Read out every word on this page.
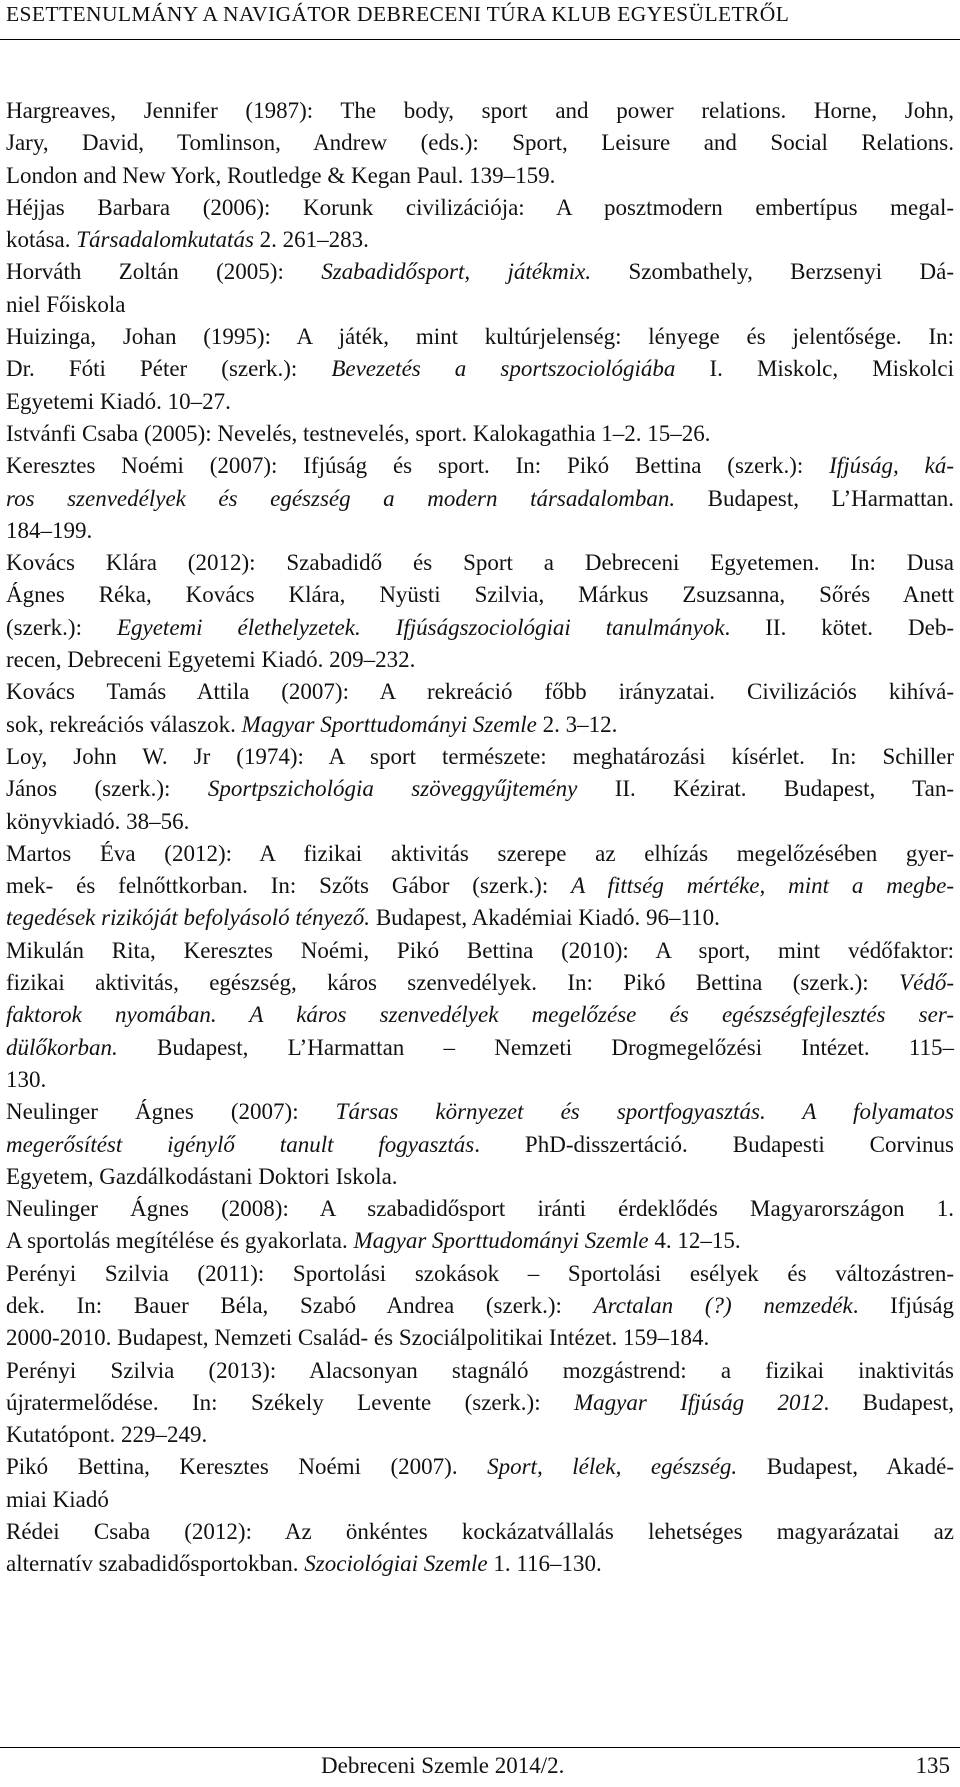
ESETTENULMÁNY A NAVIGÁTOR DEBRECENI TÚRA KLUB EGYESÜLETRŐL
Hargreaves, Jennifer (1987): The body, sport and power relations. Horne, John,
Jary, David, Tomlinson, Andrew (eds.): Sport, Leisure and Social Relations.
London and New York, Routledge & Kegan Paul. 139–159.
Héjjas Barbara (2006): Korunk civilizációja: A posztmodern embertípus megal-
kotása. Társadalomkutatás 2. 261–283.
Horváth Zoltán (2005): Szabadidősport, játékmix. Szombathely, Berzsenyi Dá-
niel Főiskola
Huizinga, Johan (1995): A játék, mint kultúrjelenség: lényege és jelentősége. In:
Dr. Fóti Péter (szerk.): Bevezetés a sportszociológiába I. Miskolc, Miskolci
Egyetemi Kiadó. 10–27.
Istvánfi Csaba (2005): Nevelés, testnevelés, sport. Kalokagathia 1–2. 15–26.
Keresztes Noémi (2007): Ifjúság és sport. In: Pikó Bettina (szerk.): Ifjúság, ká-
ros szenvedélyek és egészség a modern társadalomban. Budapest, L’Harmattan.
184–199.
Kovács Klára (2012): Szabadidő és Sport a Debreceni Egyetemen. In: Dusa
Ágnes Réka, Kovács Klára, Nyüsti Szilvia, Márkus Zsuzsanna, Sőrés Anett
(szerk.): Egyetemi élethelyzetek. Ifjúságszociológiai tanulmányok. II. kötet. Deb-
recen, Debreceni Egyetemi Kiadó. 209–232.
Kovács Tamás Attila (2007): A rekreáció főbb irányzatai. Civilizációs kihívá-
sok, rekreációs válaszok. Magyar Sporttudományi Szemle 2. 3–12.
Loy, John W. Jr (1974): A sport természete: meghatározási kísérlet. In: Schiller
János (szerk.): Sportpszichológia szöveggyűjtemény II. Kézirat. Budapest, Tan-
könyvkiadó. 38–56.
Martos Éva (2012): A fizikai aktivitás szerepe az elhízás megelőzésében gyer-
mek- és felnőttkorban. In: Szőts Gábor (szerk.): A fittség mértéke, mint a megbe-
tegedések rizikóját befolyásoló tényező. Budapest, Akadémiai Kiadó. 96–110.
Mikulán Rita, Keresztes Noémi, Pikó Bettina (2010): A sport, mint védőfaktor:
fizikai aktivitás, egészség, káros szenvedélyek. In: Pikó Bettina (szerk.): Védő-
faktorok nyomában. A káros szenvedélyek megelőzése és egészségfejlesztés ser-
dülőkorban. Budapest, L’Harmattan – Nemzeti Drogmegelőzési Intézet. 115–
130.
Neulinger Ágnes (2007): Társas környezet és sportfogyasztás. A folyamatos
megerősítést igénylő tanult fogyasztás. PhD-disszertáció. Budapesti Corvinus
Egyetem, Gazdálkodástani Doktori Iskola.
Neulinger Ágnes (2008): A szabadidősport iránti érdeklődés Magyarországon 1.
A sportolás megítélése és gyakorlata. Magyar Sporttudományi Szemle 4. 12–15.
Perényi Szilvia (2011): Sportolási szokások – Sportolási esélyek és változástren-
dek. In: Bauer Béla, Szabó Andrea (szerk.): Arctalan (?) nemzedék. Ifjúság
2000-2010. Budapest, Nemzeti Család- és Szociálpolitikai Intézet. 159–184.
Perényi Szilvia (2013): Alacsonyan stagnáló mozgástrend: a fizikai inaktivitás
újratermelődése. In: Székely Levente (szerk.): Magyar Ifjúság 2012. Budapest,
Kutatópont. 229–249.
Pikó Bettina, Keresztes Noémi (2007). Sport, lélek, egészség. Budapest, Akadé-
miai Kiadó
Rédei Csaba (2012): Az önkéntes kockázatvállalás lehetséges magyarázatai az
alternatív szabadidősportokban. Szociológiai Szemle 1. 116–130.
Debreceni Szemle 2014/2.	135
